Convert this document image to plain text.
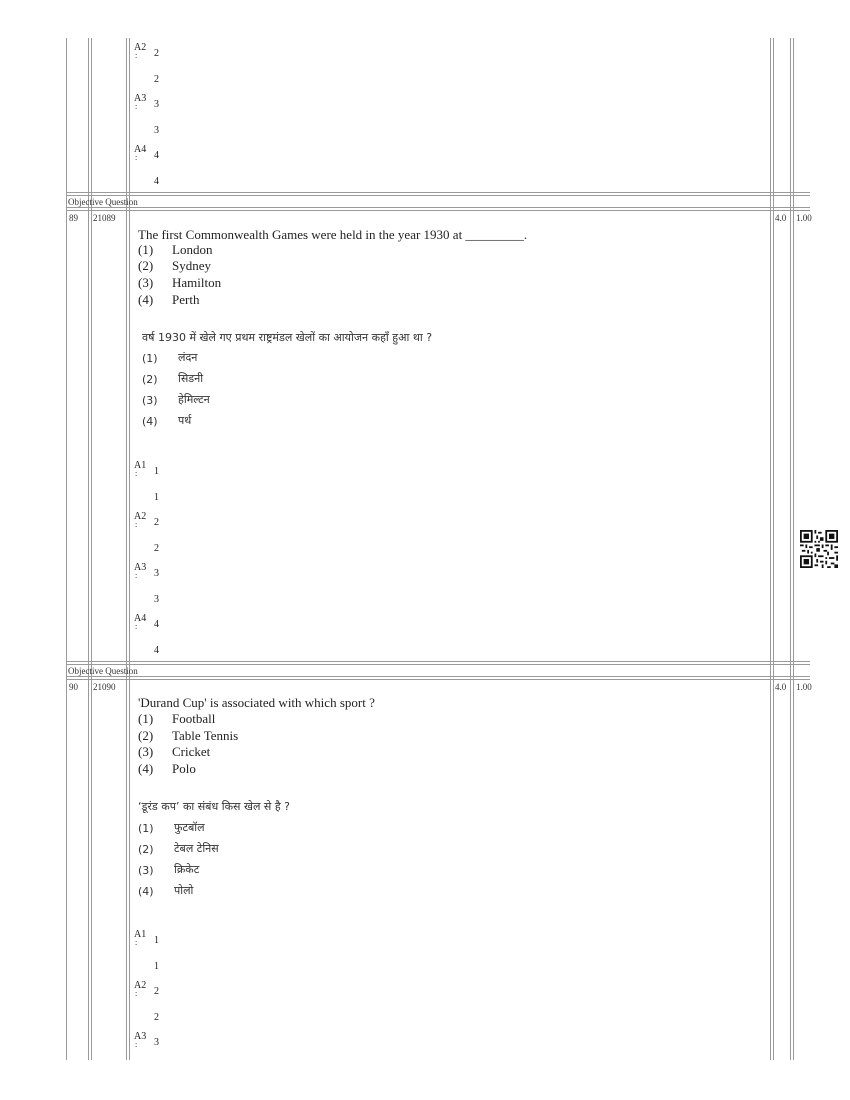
A2
: 2
2
A3
: 3
3
A4
: 4
4
Objective Question
89 21089	4.0 1.00
The first Commonwealth Games were held in the year 1930 at _________.
(1) London
(2) Sydney
(3) Hamilton
(4) Perth
वर्ष 1930 में खेले गए प्रथम राष्ट्रमंडल खेलों का आयोजन कहाँ हुआ था ?
(1) लंदन
(2) सिडनी
(3) हेमिल्टन
(4) पर्थ
A1
: 1
1
A2
: 2
2
A3
: 3
3
A4
: 4
4
Objective Question
90 21090	4.0 1.00
'Durand Cup' is associated with which sport ?
(1) Football
(2) Table Tennis
(3) Cricket
(4) Polo
‘डूरंड कप’ का संबंध किस खेल से है ?
(1) फुटबॉल
(2) टेबल टेनिस
(3) क्रिकेट
(4) पोलो
A1
: 1
1
A2
: 2
2
A3
: 3
